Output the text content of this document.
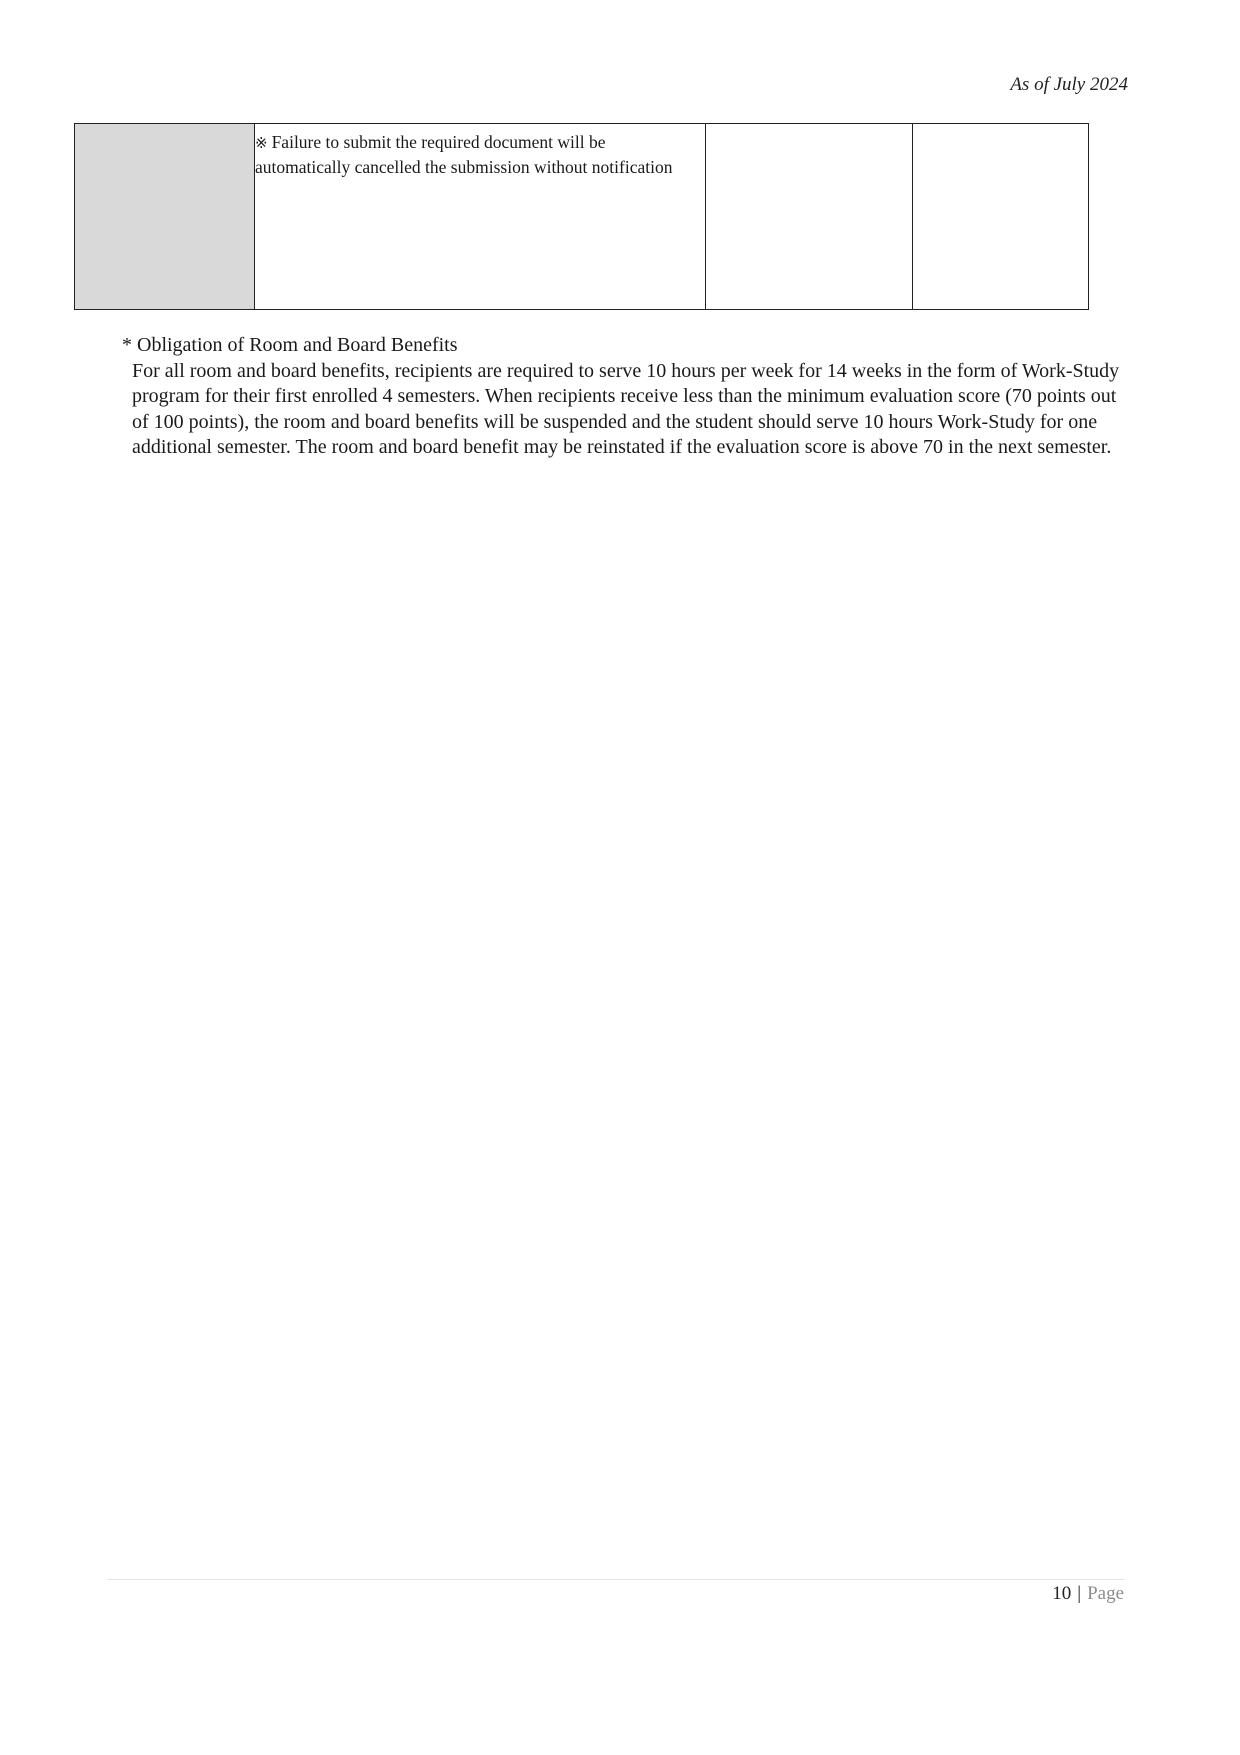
As of July 2024

※ Failure to submit the required document will be automatically cancelled the submission without notification

* Obligation of Room and Board Benefits

For all room and board benefits, recipients are required to serve 10 hours per week for 14 weeks in the form of Work-Study program for their first enrolled 4 semesters. When recipients receive less than the minimum evaluation score (70 points out of 100 points), the room and board benefits will be suspended and the student should serve 10 hours Work-Study for one additional semester. The room and board benefit may be reinstated if the evaluation score is above 70 in the next semester.

10 | Page
